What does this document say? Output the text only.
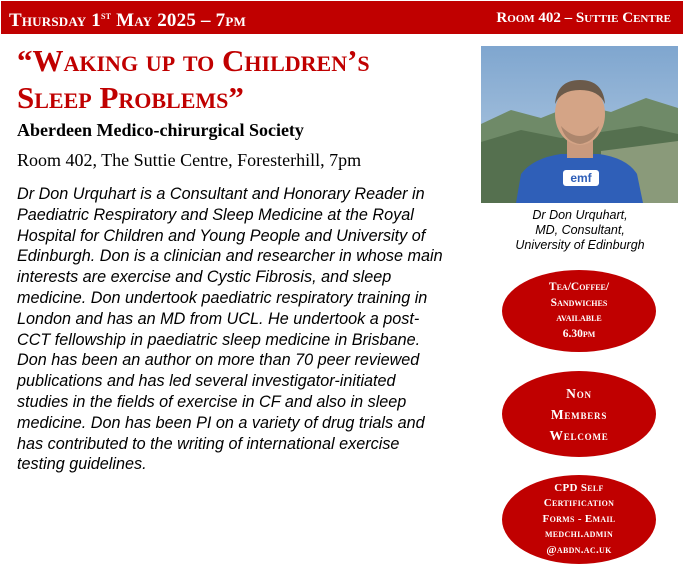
Thursday 1st May 2025 – 7pm	Room 402 – Suttie Centre
“Waking up to Children’s
Sleep Problems”
Aberdeen Medico-chirurgical Society
Room 402, The Suttie Centre, Foresterhill, 7pm

Dr Don Urquhart is a Consultant and Honorary Reader in Paediatric Respiratory and Sleep Medicine at the Royal Hospital for Children and Young People and University of Edinburgh. Don is a clinician and researcher in whose main interests are exercise and Cystic Fibrosis, and sleep medicine. Don undertook paediatric respiratory training in London and has an MD from UCL. He undertook a post-CCT fellowship in paediatric sleep medicine in Brisbane. Don has been an author on more than 70 peer reviewed publications and has led several investigator-initiated studies in the fields of exercise in CF and also in sleep medicine. Don has been PI on a variety of drug trials and has contributed to the writing of international exercise testing guidelines.

emf
Dr Don Urquhart,
MD, Consultant,
University of Edinburgh
Tea/Coffee/
Sandwiches
available
6.30pm
Non
Members
Welcome
CPD Self
Certification
Forms - Email
medchi.admin
@abdn.ac.uk
